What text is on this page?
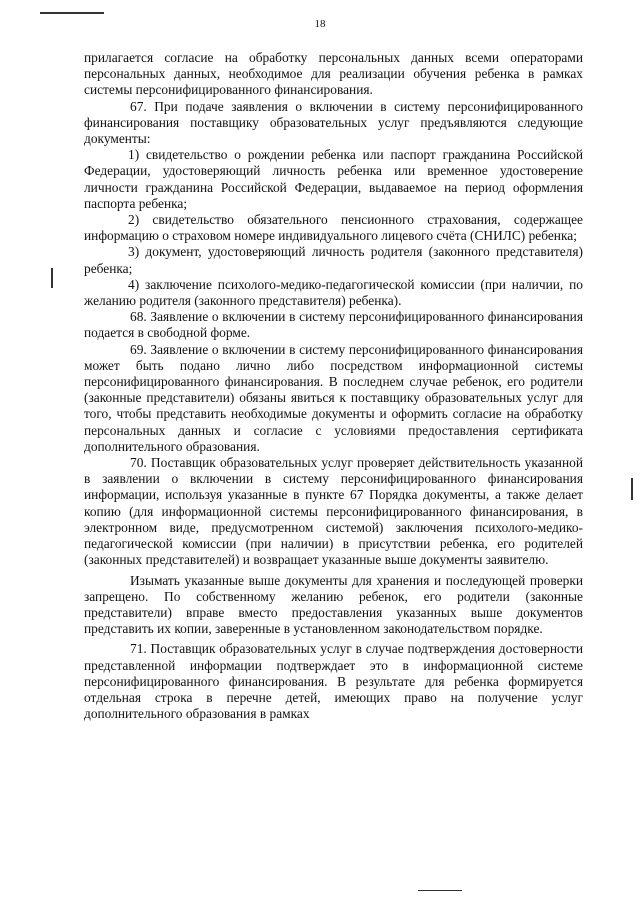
18

прилагается согласие на обработку персональных данных всеми операторами персональных данных, необходимое для реализации обучения ребенка в рамках системы персонифицированного финансирования.

67. При подаче заявления о включении в систему персонифицированного финансирования поставщику образовательных услуг предъявляются следующие документы:

1) свидетельство о рождении ребенка или паспорт гражданина Российской Федерации, удостоверяющий личность ребенка или временное удостоверение личности гражданина Российской Федерации, выдаваемое на период оформления паспорта ребенка;

2) свидетельство обязательного пенсионного страхования, содержащее информацию о страховом номере индивидуального лицевого счёта (СНИЛС) ребенка;

3) документ, удостоверяющий личность родителя (законного представителя) ребенка;

4) заключение психолого-медико-педагогической комиссии (при наличии, по желанию родителя (законного представителя) ребенка).

68. Заявление о включении в систему персонифицированного финансирования подается в свободной форме.

69. Заявление о включении в систему персонифицированного финансирования может быть подано лично либо посредством информационной системы персонифицированного финансирования. В последнем случае ребенок, его родители (законные представители) обязаны явиться к поставщику образовательных услуг для того, чтобы представить необходимые документы и оформить согласие на обработку персональных данных и согласие с условиями предоставления сертификата дополнительного образования.

70. Поставщик образовательных услуг проверяет действительность указанной в заявлении о включении в систему персонифицированного финансирования информации, используя указанные в пункте 67 Порядка документы, а также делает копию (для информационной системы персонифицированного финансирования, в электронном виде, предусмотренном системой) заключения психолого-медико-педагогической комиссии (при наличии) в присутствии ребенка, его родителей (законных представителей) и возвращает указанные выше документы заявителю.

Изымать указанные выше документы для хранения и последующей проверки запрещено. По собственному желанию ребенок, его родители (законные представители) вправе вместо предоставления указанных выше документов представить их копии, заверенные в установленном законодательством порядке.

71. Поставщик образовательных услуг в случае подтверждения достоверности представленной информации подтверждает это в информационной системе персонифицированного финансирования. В результате для ребенка формируется отдельная строка в перечне детей, имеющих право на получение услуг дополнительного образования в рамках
